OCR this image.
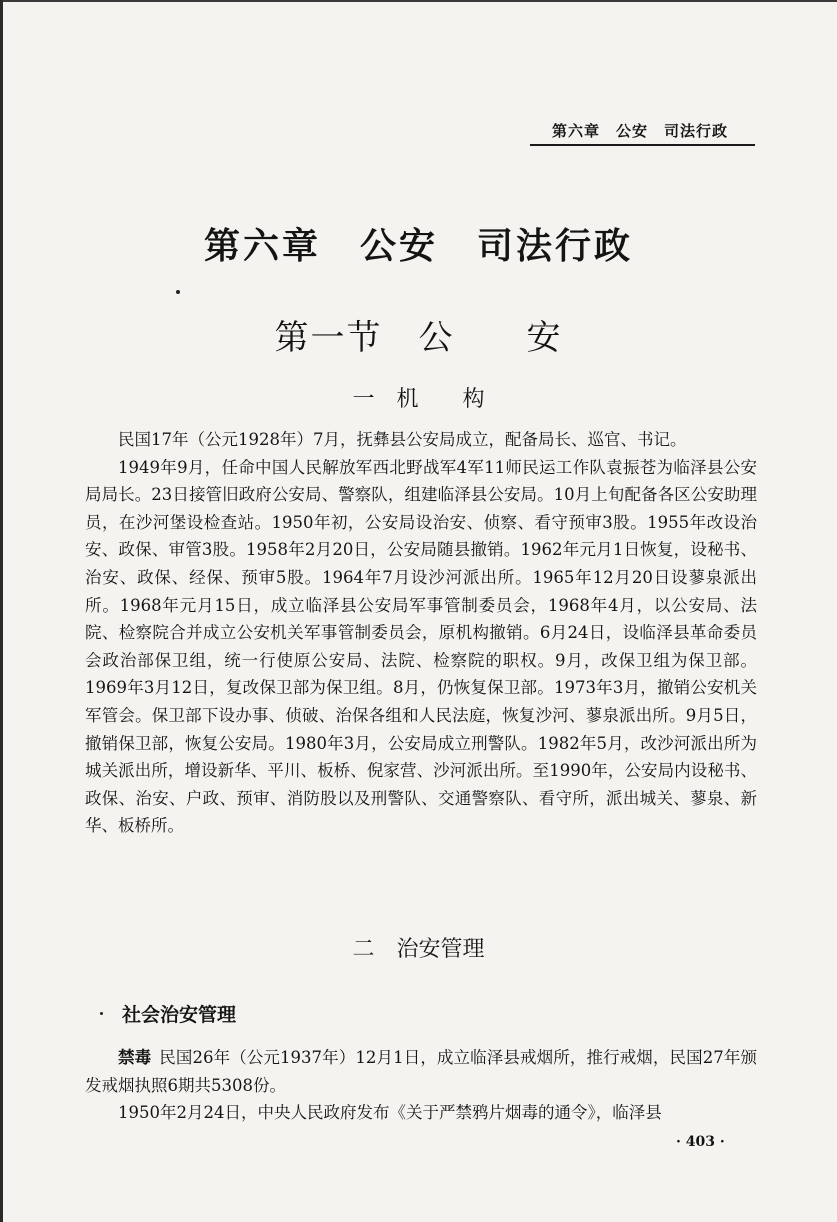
第六章　公安　司法行政
第六章　公安　司法行政
第一节　公　　安
一　机　　构

民国17年（公元1928年）7月，抚彝县公安局成立，配备局长、巡官、书记。

1949年9月，任命中国人民解放军西北野战军4军11师民运工作队袁振苍为临泽县公安局局长。23日接管旧政府公安局、警察队，组建临泽县公安局。10月上旬配备各区公安助理员，在沙河堡设检查站。1950年初，公安局设治安、侦察、看守预审3股。1955年改设治安、政保、审管3股。1958年2月20日，公安局随县撤销。1962年元月1日恢复，设秘书、治安、政保、经保、预审5股。1964年7月设沙河派出所。1965年12月20日设蓼泉派出所。1968年元月15日，成立临泽县公安局军事管制委员会，1968年4月，以公安局、法院、检察院合并成立公安机关军事管制委员会，原机构撤销。6月24日，设临泽县革命委员会政治部保卫组，统一行使原公安局、法院、检察院的职权。9月，改保卫组为保卫部。1969年3月12日，复改保卫部为保卫组。8月，仍恢复保卫部。1973年3月，撤销公安机关军管会。保卫部下设办事、侦破、治保各组和人民法庭，恢复沙河、蓼泉派出所。9月5日，撤销保卫部，恢复公安局。1980年3月，公安局成立刑警队。1982年5月，改沙河派出所为城关派出所，增设新华、平川、板桥、倪家营、沙河派出所。至1990年，公安局内设秘书、政保、治安、户政、预审、消防股以及刑警队、交通警察队、看守所，派出城关、蓼泉、新华、板桥所。

二　治安管理
社会治安管理

禁毒 民国26年（公元1937年）12月1日，成立临泽县戒烟所，推行戒烟，民国27年颁发戒烟执照6期共5308份。

1950年2月24日，中央人民政府发布《关于严禁鸦片烟毒的通令》，临泽县

· 403 ·
